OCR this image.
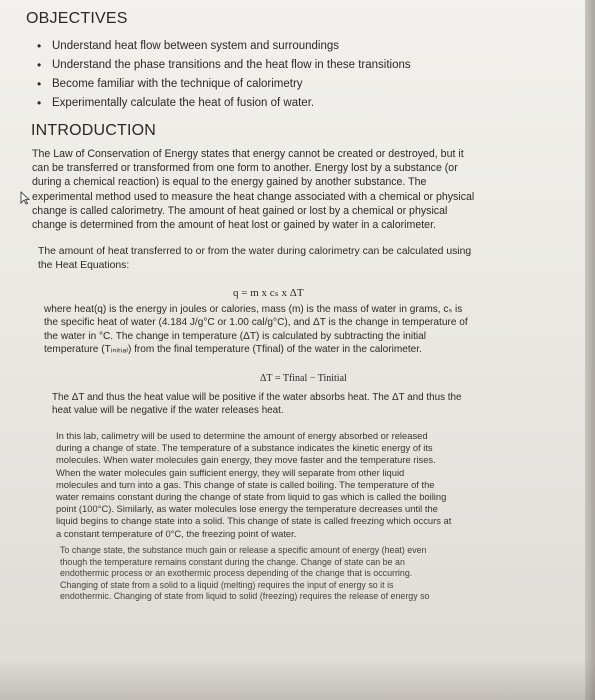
OBJECTIVES
• Understand heat flow between system and surroundings
• Understand the phase transitions and the heat flow in these transitions
• Become familiar with the technique of calorimetry
• Experimentally calculate the heat of fusion of water.
INTRODUCTION

The Law of Conservation of Energy states that energy cannot be created or destroyed, but it
can be transferred or transformed from one form to another. Energy lost by a substance (or
during a chemical reaction) is equal to the energy gained by another substance. The
experimental method used to measure the heat change associated with a chemical or physical
change is called calorimetry. The amount of heat gained or lost by a chemical or physical
change is determined from the amount of heat lost or gained by water in a calorimeter.

The amount of heat transferred to or from the water during calorimetry can be calculated using
the Heat Equations:

q = m x cₛ x ΔT

where heat(q) is the energy in joules or calories, mass (m) is the mass of water in grams, cₛ is
the specific heat of water (4.184 J/g°C or 1.00 cal/g°C), and ΔT is the change in temperature of
the water in °C. The change in temperature (ΔT) is calculated by subtracting the initial
temperature (Tᵢₙᵢₜᵢₐₗ) from the final temperature (Tfinal) of the water in the calorimeter.

ΔT = Tfinal − Tinitial

The ΔT and thus the heat value will be positive if the water absorbs heat. The ΔT and thus the
heat value will be negative if the water releases heat.

In this lab, calimetry will be used to determine the amount of energy absorbed or released
during a change of state. The temperature of a substance indicates the kinetic energy of its
molecules. When water molecules gain energy, they move faster and the temperature rises.
When the water molecules gain sufficient energy, they will separate from other liquid
molecules and turn into a gas. This change of state is called boiling. The temperature of the
water remains constant during the change of state from liquid to gas which is called the boiling
point (100°C). Similarly, as water molecules lose energy the temperature decreases until the
liquid begins to change state into a solid. This change of state is called freezing which occurs at
a constant temperature of 0°C, the freezing point of water.

To change state, the substance much gain or release a specific amount of energy (heat) even
though the temperature remains constant during the change. Change of state can be an
endothermic process or an exothermic process depending of the change that is occurring.
Changing of state from a solid to a liquid (melting) requires the input of energy so it is
endothermic. Changing of state from liquid to solid (freezing) requires the release of energy so
